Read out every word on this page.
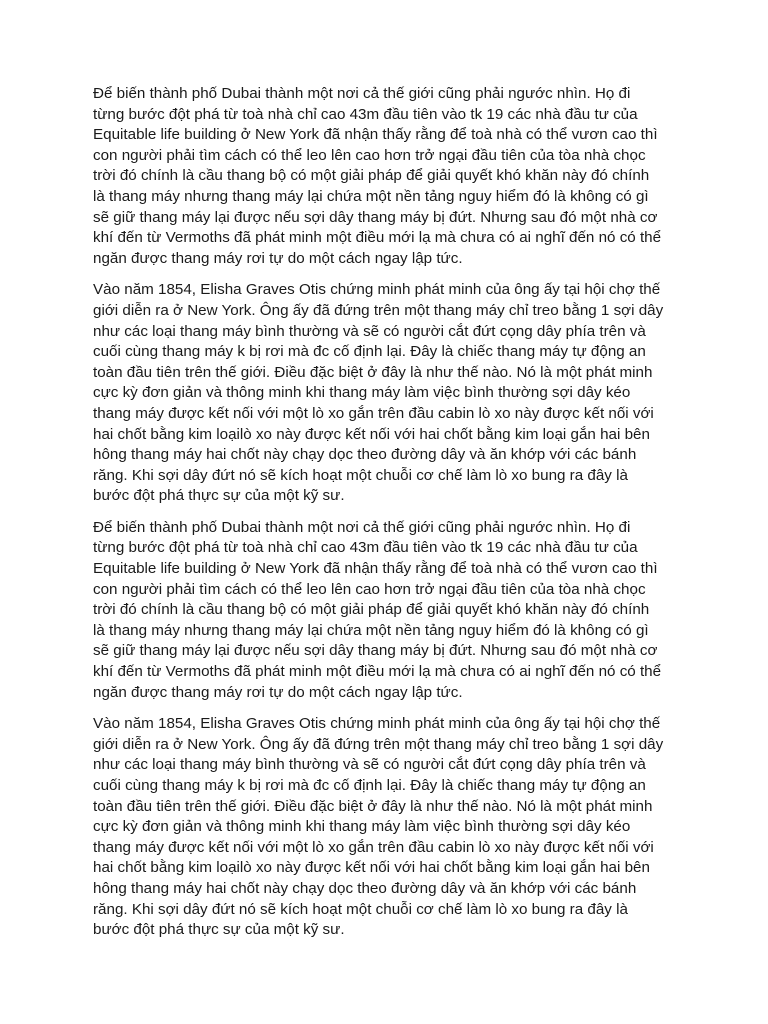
Để biến thành phố Dubai thành một nơi cả thế giới cũng phải ngước nhìn. Họ đi
từng bước đột phá từ toà nhà chỉ cao 43m đầu tiên vào tk 19 các nhà đầu tư của
Equitable life building ở New York đã nhận thấy rằng để toà nhà có thể vươn cao thì
con người phải tìm cách có thể leo lên cao hơn trở ngại đầu tiên của tòa nhà chọc
trời đó chính là cầu thang bộ có một giải pháp để giải quyết khó khăn này đó chính
là thang máy nhưng thang máy lại chứa một nền tảng nguy hiểm đó là không có gì
sẽ giữ thang máy lại được nếu sợi dây thang máy bị đứt. Nhưng sau đó một nhà cơ
khí đến từ Vermoths đã phát minh một điều mới lạ mà chưa có ai nghĩ đến nó có thể
ngăn được thang máy rơi tự do một cách ngay lập tức.

Vào năm 1854, Elisha Graves Otis chứng minh phát minh của ông ấy tại hội chợ thế
giới diễn ra ở New York. Ông ấy đã đứng trên một thang máy chỉ treo bằng 1 sợi dây
như các loại thang máy bình thường và sẽ có người cắt đứt cọng dây phía trên và
cuối cùng thang máy k bị rơi mà đc cố định lại. Đây là chiếc thang máy tự động an
toàn đầu tiên trên thế giới. Điều đặc biệt ở đây là như thế nào. Nó là một phát minh
cực kỳ đơn giản và thông minh khi thang máy làm việc bình thường sợi dây kéo
thang máy được kết nối với một lò xo gắn trên đầu cabin lò xo này được kết nối với
hai chốt bằng kim loạilò xo này được kết nối với hai chốt bằng kim loại gắn hai bên
hông thang máy hai chốt này chạy dọc theo đường dây và ăn khớp với các bánh
răng. Khi sợi dây đứt nó sẽ kích hoạt một chuỗi cơ chế làm lò xo bung ra đây là
bước đột phá thực sự của một kỹ sư.

Để biến thành phố Dubai thành một nơi cả thế giới cũng phải ngước nhìn. Họ đi
từng bước đột phá từ toà nhà chỉ cao 43m đầu tiên vào tk 19 các nhà đầu tư của
Equitable life building ở New York đã nhận thấy rằng để toà nhà có thể vươn cao thì
con người phải tìm cách có thể leo lên cao hơn trở ngại đầu tiên của tòa nhà chọc
trời đó chính là cầu thang bộ có một giải pháp để giải quyết khó khăn này đó chính
là thang máy nhưng thang máy lại chứa một nền tảng nguy hiểm đó là không có gì
sẽ giữ thang máy lại được nếu sợi dây thang máy bị đứt. Nhưng sau đó một nhà cơ
khí đến từ Vermoths đã phát minh một điều mới lạ mà chưa có ai nghĩ đến nó có thể
ngăn được thang máy rơi tự do một cách ngay lập tức.

Vào năm 1854, Elisha Graves Otis chứng minh phát minh của ông ấy tại hội chợ thế
giới diễn ra ở New York. Ông ấy đã đứng trên một thang máy chỉ treo bằng 1 sợi dây
như các loại thang máy bình thường và sẽ có người cắt đứt cọng dây phía trên và
cuối cùng thang máy k bị rơi mà đc cố định lại. Đây là chiếc thang máy tự động an
toàn đầu tiên trên thế giới. Điều đặc biệt ở đây là như thế nào. Nó là một phát minh
cực kỳ đơn giản và thông minh khi thang máy làm việc bình thường sợi dây kéo
thang máy được kết nối với một lò xo gắn trên đầu cabin lò xo này được kết nối với
hai chốt bằng kim loạilò xo này được kết nối với hai chốt bằng kim loại gắn hai bên
hông thang máy hai chốt này chạy dọc theo đường dây và ăn khớp với các bánh
răng. Khi sợi dây đứt nó sẽ kích hoạt một chuỗi cơ chế làm lò xo bung ra đây là
bước đột phá thực sự của một kỹ sư.
